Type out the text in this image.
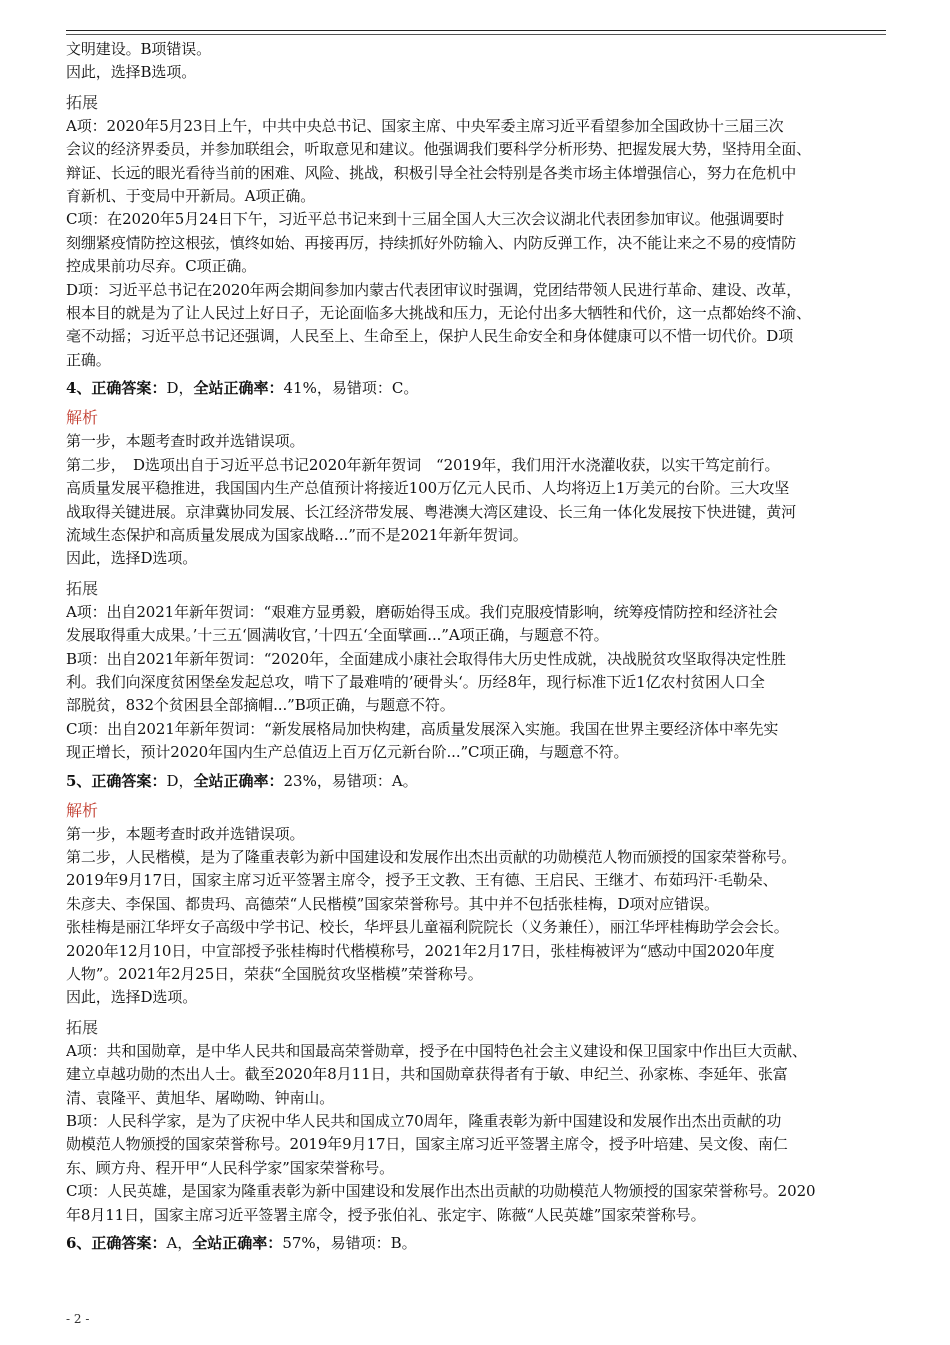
文明建设。B项错误。

因此，选择B选项。

拓展

A项：2020年5月23日上午，中共中央总书记、国家主席、中央军委主席习近平看望参加全国政协十三届三次

会议的经济界委员，并参加联组会，听取意见和建议。他强调我们要科学分析形势、把握发展大势，坚持用全面、

辩证、长远的眼光看待当前的困难、风险、挑战，积极引导全社会特别是各类市场主体增强信心，努力在危机中

育新机、于变局中开新局。A项正确。

C项：在2020年5月24日下午，习近平总书记来到十三届全国人大三次会议湖北代表团参加审议。他强调要时

刻绷紧疫情防控这根弦，慎终如始、再接再厉，持续抓好外防输入、内防反弹工作，决不能让来之不易的疫情防

控成果前功尽弃。C项正确。

D项：习近平总书记在2020年两会期间参加内蒙古代表团审议时强调，党团结带领人民进行革命、建设、改革，

根本目的就是为了让人民过上好日子，无论面临多大挑战和压力，无论付出多大牺牲和代价，这一点都始终不渝、

毫不动摇；习近平总书记还强调，人民至上、生命至上，保护人民生命安全和身体健康可以不惜一切代价。D项

正确。

4、正确答案：D，全站正确率：41%，易错项：C。
解析

第一步，本题考查时政并选错误项。

第二步，　D选项出自于习近平总书记2020年新年贺词　“2019年，我们用汗水浇灌收获，以实干笃定前行。

高质量发展平稳推进，我国国内生产总值预计将接近100万亿元人民币、人均将迈上1万美元的台阶。三大攻坚

战取得关键进展。京津冀协同发展、长江经济带发展、粤港澳大湾区建设、长三角一体化发展按下快进键，黄河

流域生态保护和高质量发展成为国家战略...”而不是2021年新年贺词。

因此，选择D选项。

拓展

A项：出自2021年新年贺词：“艰难方显勇毅，磨砺始得玉成。我们克服疫情影响，统筹疫情防控和经济社会

发展取得重大成果。’十三五‘圆满收官，’十四五‘全面擘画...”A项正确，与题意不符。

B项：出自2021年新年贺词：“2020年，全面建成小康社会取得伟大历史性成就，决战脱贫攻坚取得决定性胜

利。我们向深度贫困堡垒发起总攻，啃下了最难啃的’硬骨头‘。历经8年，现行标准下近1亿农村贫困人口全

部脱贫，832个贫困县全部摘帽...”B项正确，与题意不符。

C项：出自2021年新年贺词：“新发展格局加快构建，高质量发展深入实施。我国在世界主要经济体中率先实

现正增长，预计2020年国内生产总值迈上百万亿元新台阶...”C项正确，与题意不符。

5、正确答案：D，全站正确率：23%，易错项：A。
解析

第一步，本题考查时政并选错误项。

第二步，人民楷模，是为了隆重表彰为新中国建设和发展作出杰出贡献的功勋模范人物而颁授的国家荣誉称号。

2019年9月17日，国家主席习近平签署主席令，授予王文教、王有德、王启民、王继才、布茹玛汗·毛勒朵、

朱彦夫、李保国、都贵玛、高德荣“人民楷模”国家荣誉称号。其中并不包括张桂梅，D项对应错误。

张桂梅是丽江华坪女子高级中学书记、校长，华坪县儿童福利院院长（义务兼任），丽江华坪桂梅助学会会长。

2020年12月10日，中宣部授予张桂梅时代楷模称号，2021年2月17日，张桂梅被评为“感动中国2020年度

人物”。2021年2月25日，荣获“全国脱贫攻坚楷模”荣誉称号。

因此，选择D选项。

拓展

A项：共和国勋章，是中华人民共和国最高荣誉勋章，授予在中国特色社会主义建设和保卫国家中作出巨大贡献、

建立卓越功勋的杰出人士。截至2020年8月11日，共和国勋章获得者有于敏、申纪兰、孙家栋、李延年、张富

清、袁隆平、黄旭华、屠呦呦、钟南山。

B项：人民科学家，是为了庆祝中华人民共和国成立70周年，隆重表彰为新中国建设和发展作出杰出贡献的功

勋模范人物颁授的国家荣誉称号。2019年9月17日，国家主席习近平签署主席令，授予叶培建、吴文俊、南仁

东、顾方舟、程开甲“人民科学家”国家荣誉称号。

C项：人民英雄，是国家为隆重表彰为新中国建设和发展作出杰出贡献的功勋模范人物颁授的国家荣誉称号。2020

年8月11日，国家主席习近平签署主席令，授予张伯礼、张定宇、陈薇“人民英雄”国家荣誉称号。

6、正确答案：A，全站正确率：57%，易错项：B。
- 2 -
